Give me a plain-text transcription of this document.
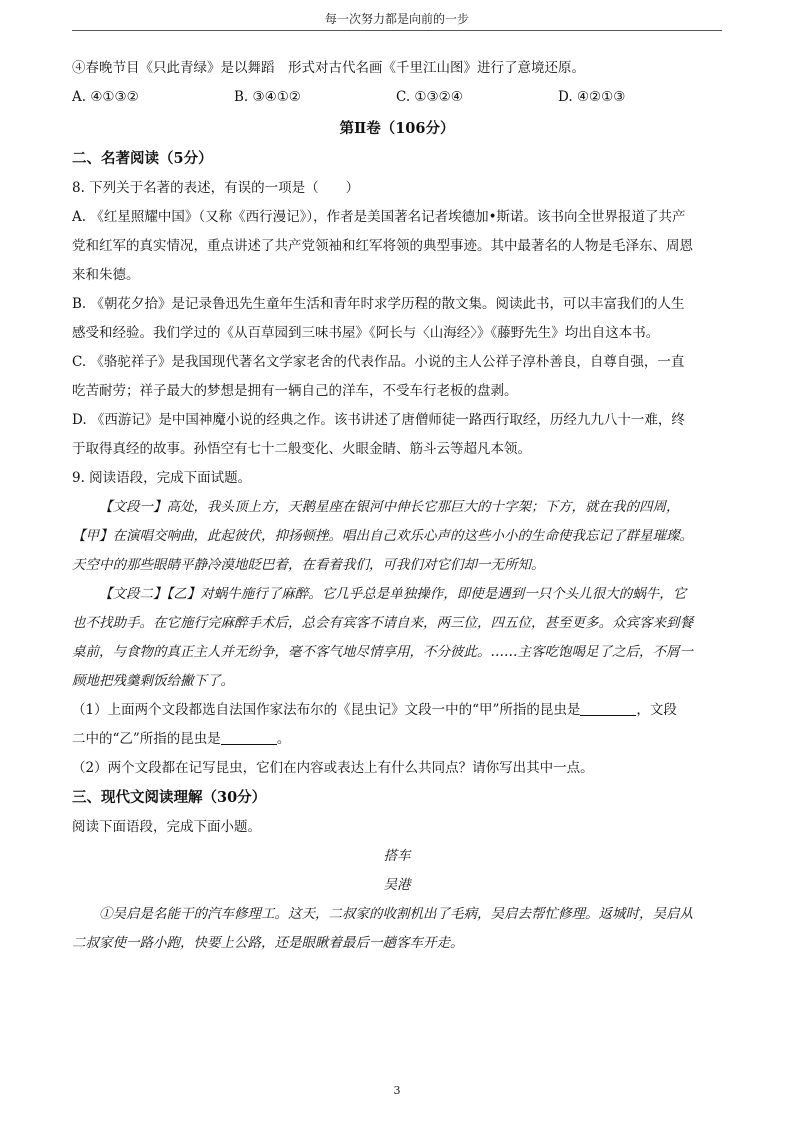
每一次努力都是向前的一步

④春晚节目《只此青绿》是以舞蹈　形式对古代名画《千里江山图》进行了意境还原。

A. ④①③②	B. ③④①②	C. ①③②④	D. ④②①③

第Ⅱ卷（106分）

二、名著阅读（5分）

8. 下列关于名著的表述，有误的一项是（　　）

A. 《红星照耀中国》（又称《西行漫记》），作者是美国著名记者埃德加•斯诺。该书向全世界报道了共产

党和红军的真实情况，重点讲述了共产党领袖和红军将领的典型事迹。其中最著名的人物是毛泽东、周恩

来和朱德。

B. 《朝花夕拾》是记录鲁迅先生童年生活和青年时求学历程的散文集。阅读此书，可以丰富我们的人生

感受和经验。我们学过的《从百草园到三味书屋》《阿长与〈山海经〉》《藤野先生》均出自这本书。

C. 《骆驼祥子》是我国现代著名文学家老舍的代表作品。小说的主人公祥子淳朴善良，自尊自强，一直

吃苦耐劳；祥子最大的梦想是拥有一辆自己的洋车，不受车行老板的盘剥。

D. 《西游记》是中国神魔小说的经典之作。该书讲述了唐僧师徒一路西行取经，历经九九八十一难，终

于取得真经的故事。孙悟空有七十二般变化、火眼金睛、筋斗云等超凡本领。

9. 阅读语段，完成下面试题。

【文段一】高处，我头顶上方，天鹅星座在银河中伸长它那巨大的十字架；下方，就在我的四周，

【甲】在演唱交响曲，此起彼伏，抑扬顿挫。唱出自己欢乐心声的这些小小的生命使我忘记了群星璀璨。

天空中的那些眼睛平静冷漠地眨巴着，在看着我们，可我们对它们却一无所知。

【文段二】【乙】对蜗牛施行了麻醉。它几乎总是单独操作，即使是遇到一只个头儿很大的蜗牛，它

也不找助手。在它施行完麻醉手术后，总会有宾客不请自来，两三位，四五位，甚至更多。众宾客来到餐

桌前，与食物的真正主人并无纷争，毫不客气地尽情享用，不分彼此。……主客吃饱喝足了之后，不屑一

顾地把残羹剩饭给撇下了。

（1）上面两个文段都选自法国作家法布尔的《昆虫记》文段一中的“甲”所指的昆虫是	，文段

二中的“乙”所指的昆虫是	。

（2）两个文段都在记写昆虫，它们在内容或表达上有什么共同点？请你写出其中一点。

三、现代文阅读理解（30分）

阅读下面语段，完成下面小题。

搭车

吴港

①吴启是名能干的汽车修理工。这天，二叔家的收割机出了毛病，吴启去帮忙修理。返城时，吴启从

二叔家使一路小跑，快要上公路，还是眼瞅着最后一趟客车开走。

3
